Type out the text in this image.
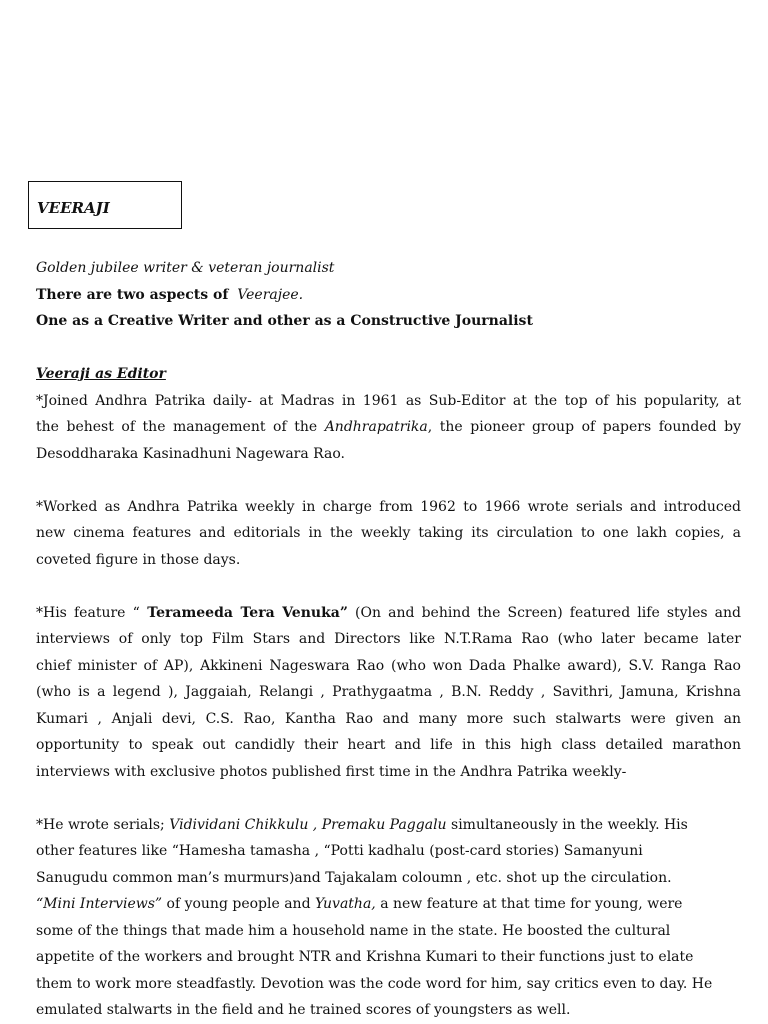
VEERAJI

Golden jubilee writer & veteran journalist

There are two aspects of Veerajee.

One as a Creative Writer and other as a Constructive Journalist

Veeraji as Editor

*Joined Andhra Patrika daily- at Madras in 1961 as Sub-Editor at the top of his popularity, at

the behest of the management of the Andhrapatrika, the pioneer group of papers founded by

Desoddharaka Kasinadhuni Nagewara Rao.

*Worked as Andhra Patrika weekly in charge from 1962 to 1966 wrote serials and introduced

new cinema features and editorials in the weekly taking its circulation to one lakh copies, a

coveted figure in those days.

*His feature “ Terameeda Tera Venuka” (On and behind the Screen) featured life styles and

interviews of only top Film Stars and Directors like N.T.Rama Rao (who later became later

chief minister of AP), Akkineni Nageswara Rao (who won Dada Phalke award), S.V. Ranga Rao

(who is a legend ), Jaggaiah, Relangi , Prathygaatma , B.N. Reddy , Savithri, Jamuna, Krishna

Kumari , Anjali devi, C.S. Rao, Kantha Rao and many more such stalwarts were given an

opportunity to speak out candidly their heart and life in this high class detailed marathon

interviews with exclusive photos published first time in the Andhra Patrika weekly-

*He wrote serials; Vidividani Chikkulu , Premaku Paggalu simultaneously in the weekly. His

other features like “Hamesha tamasha , “Potti kadhalu (post-card stories) Samanyuni

Sanugudu common man’s murmurs)and Tajakalam coloumn , etc. shot up the circulation.

“Mini Interviews” of young people and Yuvatha, a new feature at that time for young, were

some of the things that made him a household name in the state. He boosted the cultural

appetite of the workers and brought NTR and Krishna Kumari to their functions just to elate

them to work more steadfastly. Devotion was the code word for him, say critics even to day. He

emulated stalwarts in the field and he trained scores of youngsters as well.
